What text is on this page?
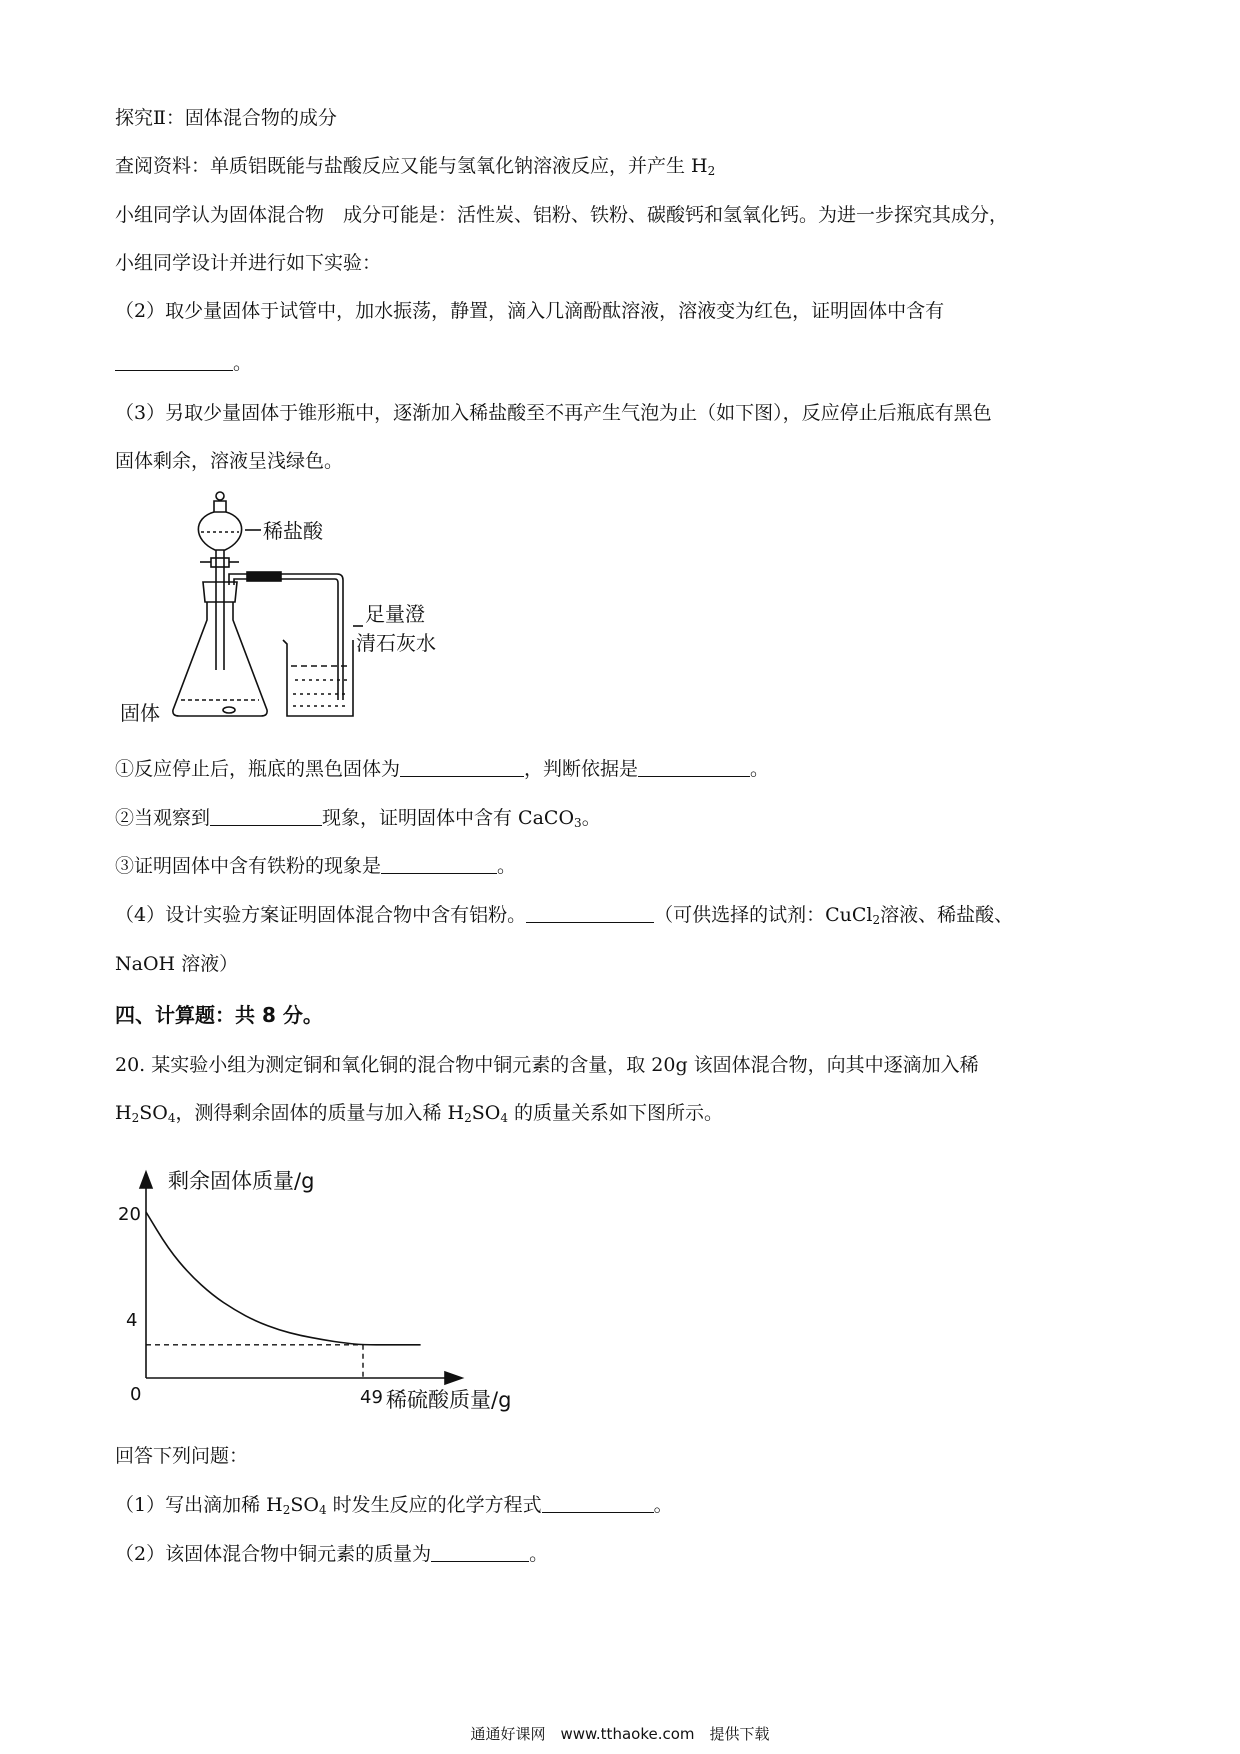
探究Ⅱ：固体混合物的成分
查阅资料：单质铝既能与盐酸反应又能与氢氧化钠溶液反应，并产生 $H_2$
小组同学认为固体混合物　成分可能是：活性炭、铝粉、铁粉、碳酸钙和氢氧化钙。为进一步探究其成分，
小组同学设计并进行如下实验：
（2）取少量固体于试管中，加水振荡，静置，滴入几滴酚酞溶液，溶液变为红色，证明固体中含有
。
（3）另取少量固体于锥形瓶中，逐渐加入稀盐酸至不再产生气泡为止（如下图），反应停止后瓶底有黑色
固体剩余，溶液呈浅绿色。
稀盐酸
足量澄
清石灰水
固体
①反应停止后，瓶底的黑色固体为	，判断依据是	。
②当观察到	现象，证明固体中含有 CaCO$_3$。
③证明固体中含有铁粉的现象是	。
（4）设计实验方案证明固体混合物中含有铝粉。	（可供选择的试剂：CuCl$_2$溶液、稀盐酸、
NaOH 溶液）
四、计算题：共 8 分。
20. 某实验小组为测定铜和氧化铜的混合物中铜元素的含量，取 20g 该固体混合物，向其中逐滴加入稀
$H_2SO_4$，测得剩余固体的质量与加入稀 $H_2SO_4$ 的质量关系如下图所示。
剩余固体质量/g
稀硫酸质量/g
0
20
4
49
回答下列问题：
（1）写出滴加稀 $H_2SO_4$ 时发生反应的化学方程式	。
（2）该固体混合物中铜元素的质量为	。
通通好课网　www.tthaoke.com　提供下载
